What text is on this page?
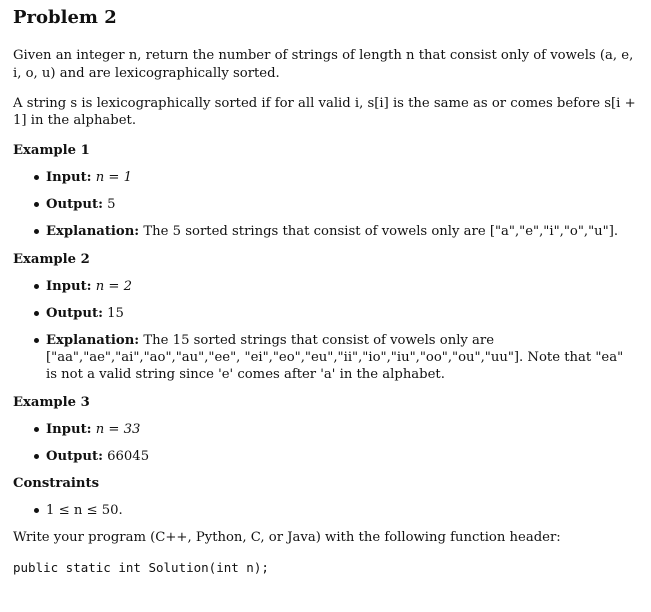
Problem 2

Given an integer n, return the number of strings of length n that consist only of vowels (a, e, i, o, u) and are lexicographically sorted.

A string s is lexicographically sorted if for all valid i, s[i] is the same as or comes before s[i + 1] in the alphabet.

Example 1

Input: n = 1
Output: 5
Explanation: The 5 sorted strings that consist of vowels only are ["a","e","i","o","u"].

Example 2

Input: n = 2
Output: 15
Explanation: The 15 sorted strings that consist of vowels only are ["aa","ae","ai","ao","au","ee", "ei","eo","eu","ii","io","iu","oo","ou","uu"]. Note that "ea" is not a valid string since 'e' comes after 'a' in the alphabet.

Example 3

Input: n = 33
Output: 66045

Constraints

1 ≤ n ≤ 50.

Write your program (C++, Python, C, or Java) with the following function header:

public static int Solution(int n);
